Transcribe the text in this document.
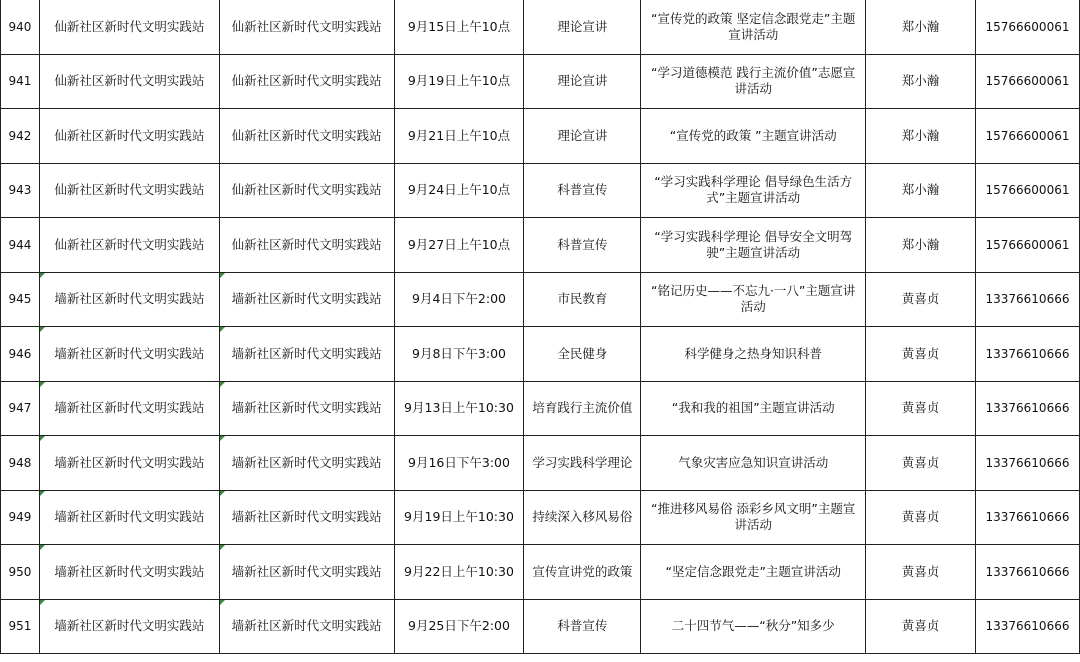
940	仙新社区新时代文明实践站	仙新社区新时代文明实践站	9月15日上午10点	理论宣讲	“宣传党的政策 坚定信念跟党走”主题宣讲活动	郑小瀚	15766600061
941	仙新社区新时代文明实践站	仙新社区新时代文明实践站	9月19日上午10点	理论宣讲	“学习道德模范 践行主流价值”志愿宣讲活动	郑小瀚	15766600061
942	仙新社区新时代文明实践站	仙新社区新时代文明实践站	9月21日上午10点	理论宣讲	“宣传党的政策 ”主题宣讲活动	郑小瀚	15766600061
943	仙新社区新时代文明实践站	仙新社区新时代文明实践站	9月24日上午10点	科普宣传	“学习实践科学理论 倡导绿色生活方式”主题宣讲活动	郑小瀚	15766600061
944	仙新社区新时代文明实践站	仙新社区新时代文明实践站	9月27日上午10点	科普宣传	“学习实践科学理论 倡导安全文明驾驶”主题宣讲活动	郑小瀚	15766600061
945	墙新社区新时代文明实践站	墙新社区新时代文明实践站	9月4日下午2:00	市民教育	“铭记历史——不忘九·一八”主题宣讲活动	黄喜贞	13376610666
946	墙新社区新时代文明实践站	墙新社区新时代文明实践站	9月8日下午3:00	全民健身	科学健身之热身知识科普	黄喜贞	13376610666
947	墙新社区新时代文明实践站	墙新社区新时代文明实践站	9月13日上午10:30	培育践行主流价值	“我和我的祖国”主题宣讲活动	黄喜贞	13376610666
948	墙新社区新时代文明实践站	墙新社区新时代文明实践站	9月16日下午3:00	学习实践科学理论	气象灾害应急知识宣讲活动	黄喜贞	13376610666
949	墙新社区新时代文明实践站	墙新社区新时代文明实践站	9月19日上午10:30	持续深入移风易俗	“推进移风易俗 添彩乡风文明”主题宣讲活动	黄喜贞	13376610666
950	墙新社区新时代文明实践站	墙新社区新时代文明实践站	9月22日上午10:30	宣传宣讲党的政策	“坚定信念跟党走”主题宣讲活动	黄喜贞	13376610666
951	墙新社区新时代文明实践站	墙新社区新时代文明实践站	9月25日下午2:00	科普宣传	二十四节气——“秋分”知多少	黄喜贞	13376610666
